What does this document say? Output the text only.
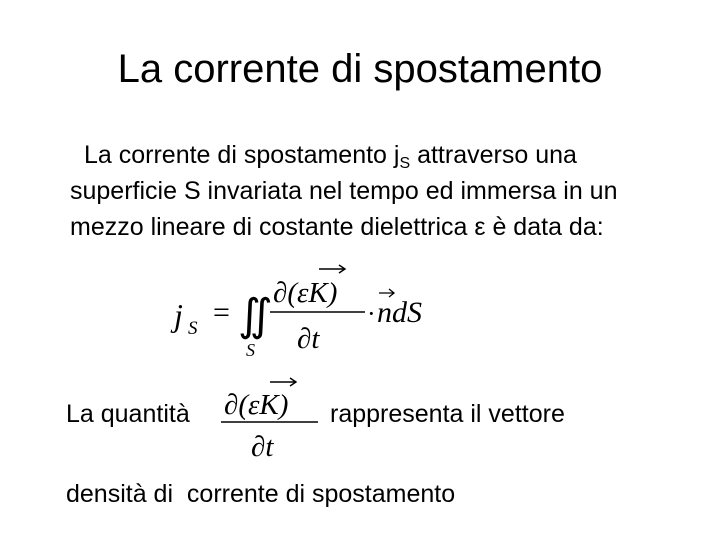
La corrente di spostamento
La corrente di spostamento $j_S$ attraverso una superficie S invariata nel tempo ed immersa in un mezzo lineare di costante dielettrica ε è data da:
j S = ∬
S
∂(εK)
∂t
· ndS
La quantità ∂(εK)
∂t
rappresenta il vettore
densità di  corrente di spostamento
